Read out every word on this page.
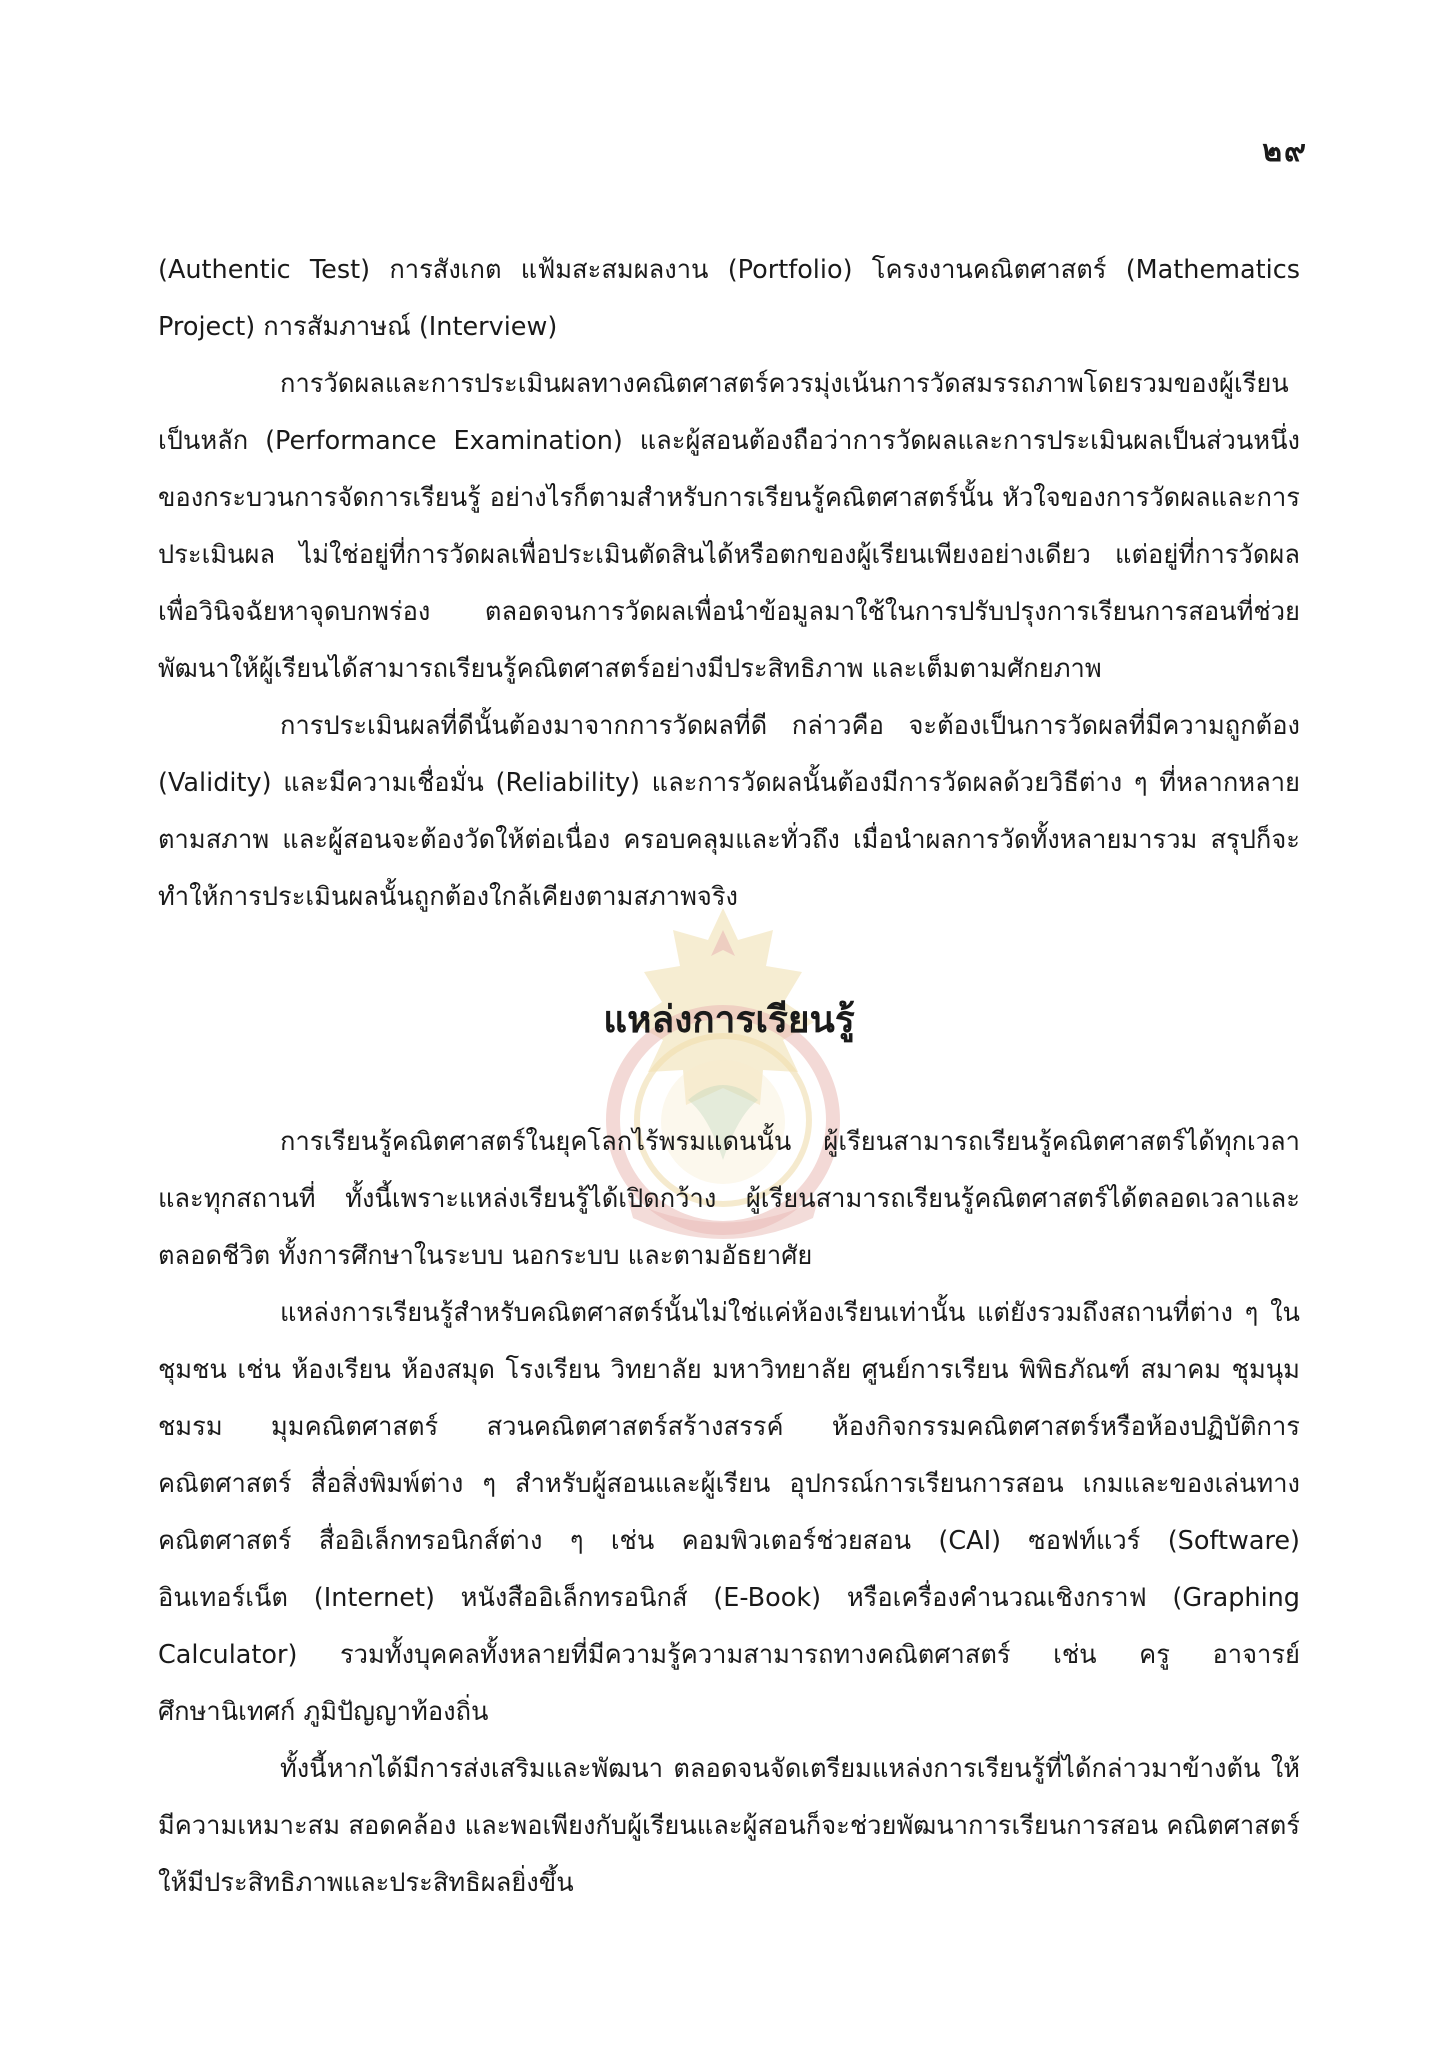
๒๙

(Authentic Test) การสังเกต แฟ้มสะสมผลงาน (Portfolio) โครงงานคณิตศาสตร์ (Mathematics Project) การสัมภาษณ์ (Interview)

การวัดผลและการประเมินผลทางคณิตศาสตร์ควรมุ่งเน้นการวัดสมรรถภาพโดยรวมของผู้เรียนเป็นหลัก (Performance Examination) และผู้สอนต้องถือว่าการวัดผลและการประเมินผลเป็นส่วนหนึ่งของกระบวนการจัดการเรียนรู้ อย่างไรก็ตามสำหรับการเรียนรู้คณิตศาสตร์นั้น หัวใจของการวัดผลและการประเมินผล ไม่ใช่อยู่ที่การวัดผลเพื่อประเมินตัดสินได้หรือตกของผู้เรียนเพียงอย่างเดียว แต่อยู่ที่การวัดผลเพื่อวินิจฉัยหาจุดบกพร่อง ตลอดจนการวัดผลเพื่อนำข้อมูลมาใช้ในการปรับปรุงการเรียนการสอนที่ช่วยพัฒนาให้ผู้เรียนได้สามารถเรียนรู้คณิตศาสตร์อย่างมีประสิทธิภาพ และเต็มตามศักยภาพ

การประเมินผลที่ดีนั้นต้องมาจากการวัดผลที่ดี กล่าวคือ จะต้องเป็นการวัดผลที่มีความถูกต้อง (Validity) และมีความเชื่อมั่น (Reliability) และการวัดผลนั้นต้องมีการวัดผลด้วยวิธีต่าง ๆ ที่หลากหลาย ตามสภาพ และผู้สอนจะต้องวัดให้ต่อเนื่อง ครอบคลุมและทั่วถึง เมื่อนำผลการวัดทั้งหลายมารวม สรุปก็จะทำให้การประเมินผลนั้นถูกต้องใกล้เคียงตามสภาพจริง

แหล่งการเรียนรู้

การเรียนรู้คณิตศาสตร์ในยุคโลกไร้พรมแดนนั้น ผู้เรียนสามารถเรียนรู้คณิตศาสตร์ได้ทุกเวลาและทุกสถานที่ ทั้งนี้เพราะแหล่งเรียนรู้ได้เปิดกว้าง ผู้เรียนสามารถเรียนรู้คณิตศาสตร์ได้ตลอดเวลาและตลอดชีวิต ทั้งการศึกษาในระบบ นอกระบบ และตามอัธยาศัย

แหล่งการเรียนรู้สำหรับคณิตศาสตร์นั้นไม่ใช่แค่ห้องเรียนเท่านั้น แต่ยังรวมถึงสถานที่ต่าง ๆ ในชุมชน เช่น ห้องเรียน ห้องสมุด โรงเรียน วิทยาลัย มหาวิทยาลัย ศูนย์การเรียน พิพิธภัณฑ์ สมาคม ชุมนุม ชมรม มุมคณิตศาสตร์ สวนคณิตศาสตร์สร้างสรรค์ ห้องกิจกรรมคณิตศาสตร์หรือห้องปฏิบัติการคณิตศาสตร์ สื่อสิ่งพิมพ์ต่าง ๆ สำหรับผู้สอนและผู้เรียน อุปกรณ์การเรียนการสอน เกมและของเล่นทางคณิตศาสตร์ สื่ออิเล็กทรอนิกส์ต่าง ๆ เช่น คอมพิวเตอร์ช่วยสอน (CAI) ซอฟท์แวร์ (Software) อินเทอร์เน็ต (Internet) หนังสืออิเล็กทรอนิกส์ (E-Book) หรือเครื่องคำนวณเชิงกราฟ (Graphing Calculator) รวมทั้งบุคคลทั้งหลายที่มีความรู้ความสามารถทางคณิตศาสตร์ เช่น ครู อาจารย์ ศึกษานิเทศก์ ภูมิปัญญาท้องถิ่น

ทั้งนี้หากได้มีการส่งเสริมและพัฒนา ตลอดจนจัดเตรียมแหล่งการเรียนรู้ที่ได้กล่าวมาข้างต้น ให้มีความเหมาะสม สอดคล้อง และพอเพียงกับผู้เรียนและผู้สอนก็จะช่วยพัฒนาการเรียนการสอน คณิตศาสตร์ให้มีประสิทธิภาพและประสิทธิผลยิ่งขึ้น
